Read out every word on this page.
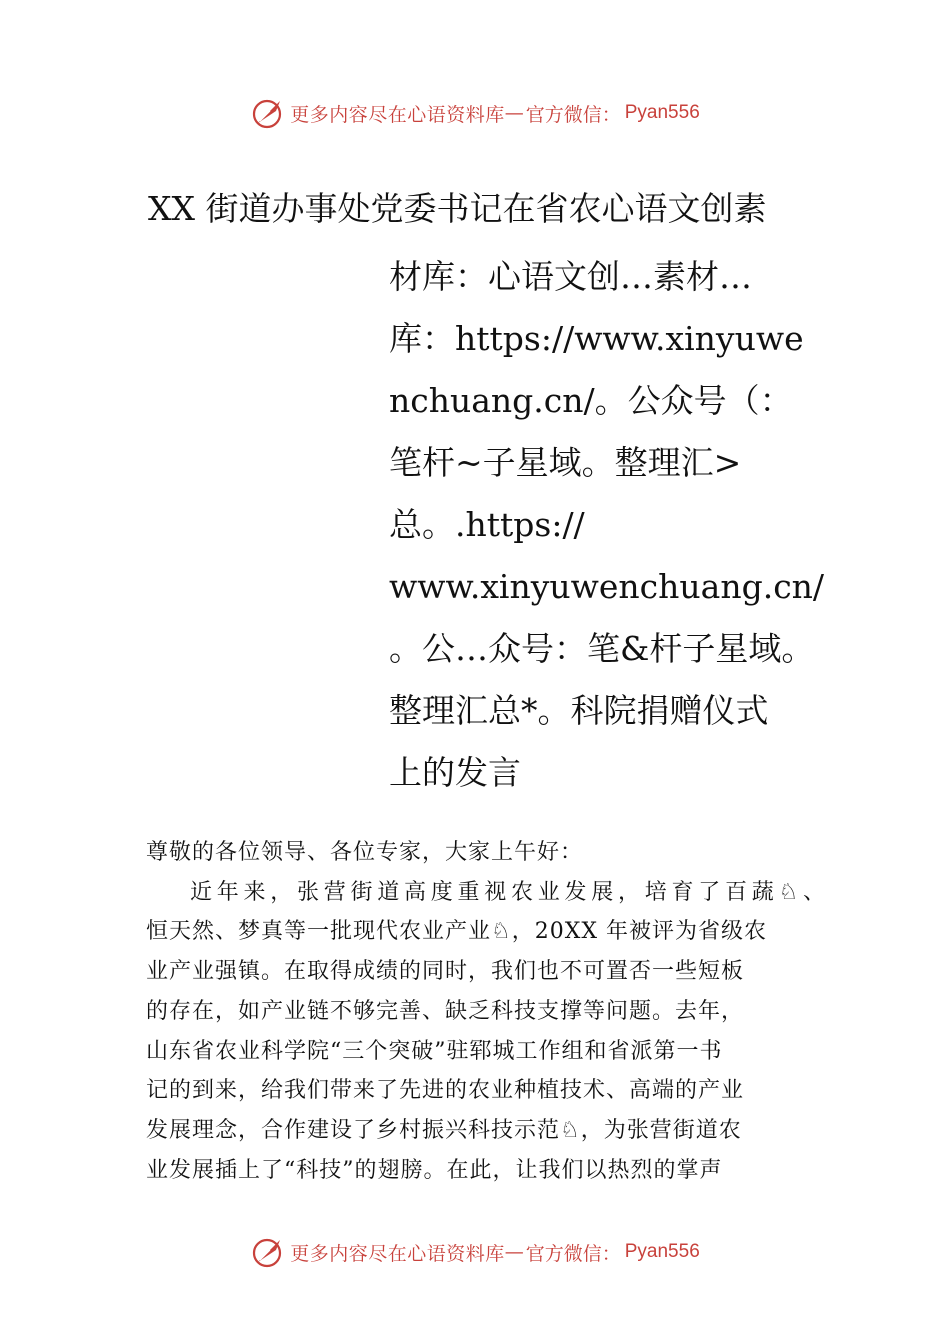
更多内容尽在心语资料库 — 官方微信： Pyan556
XX 街道办事处党委书记在省农心语文创素
材库：心语文创…素材…
库：https://www.xinyuwe
nchuang.cn/。公众号（：
笔杆~子星域。整理汇>
总。.https://
www.xinyuwenchuang.cn/
。公…众号：笔&杆子星域。
整理汇总*。科院捐赠仪式
上的发言

尊敬的各位领导、各位专家，大家上午好：

近年来，张营街道高度重视农业发展，培育了百蔬♘、

恒天然、梦真等一批现代农业产业♘，20XX 年被评为省级农

业产业强镇。在取得成绩的同时，我们也不可置否一些短板

的存在，如产业链不够完善、缺乏科技支撑等问题。去年，

山东省农业科学院“三个突破”驻郓城工作组和省派第一书

记的到来，给我们带来了先进的农业种植技术、高端的产业

发展理念，合作建设了乡村振兴科技示范♘，为张营街道农

业发展插上了“科技”的翅膀。在此，让我们以热烈的掌声

更多内容尽在心语资料库 — 官方微信： Pyan556
